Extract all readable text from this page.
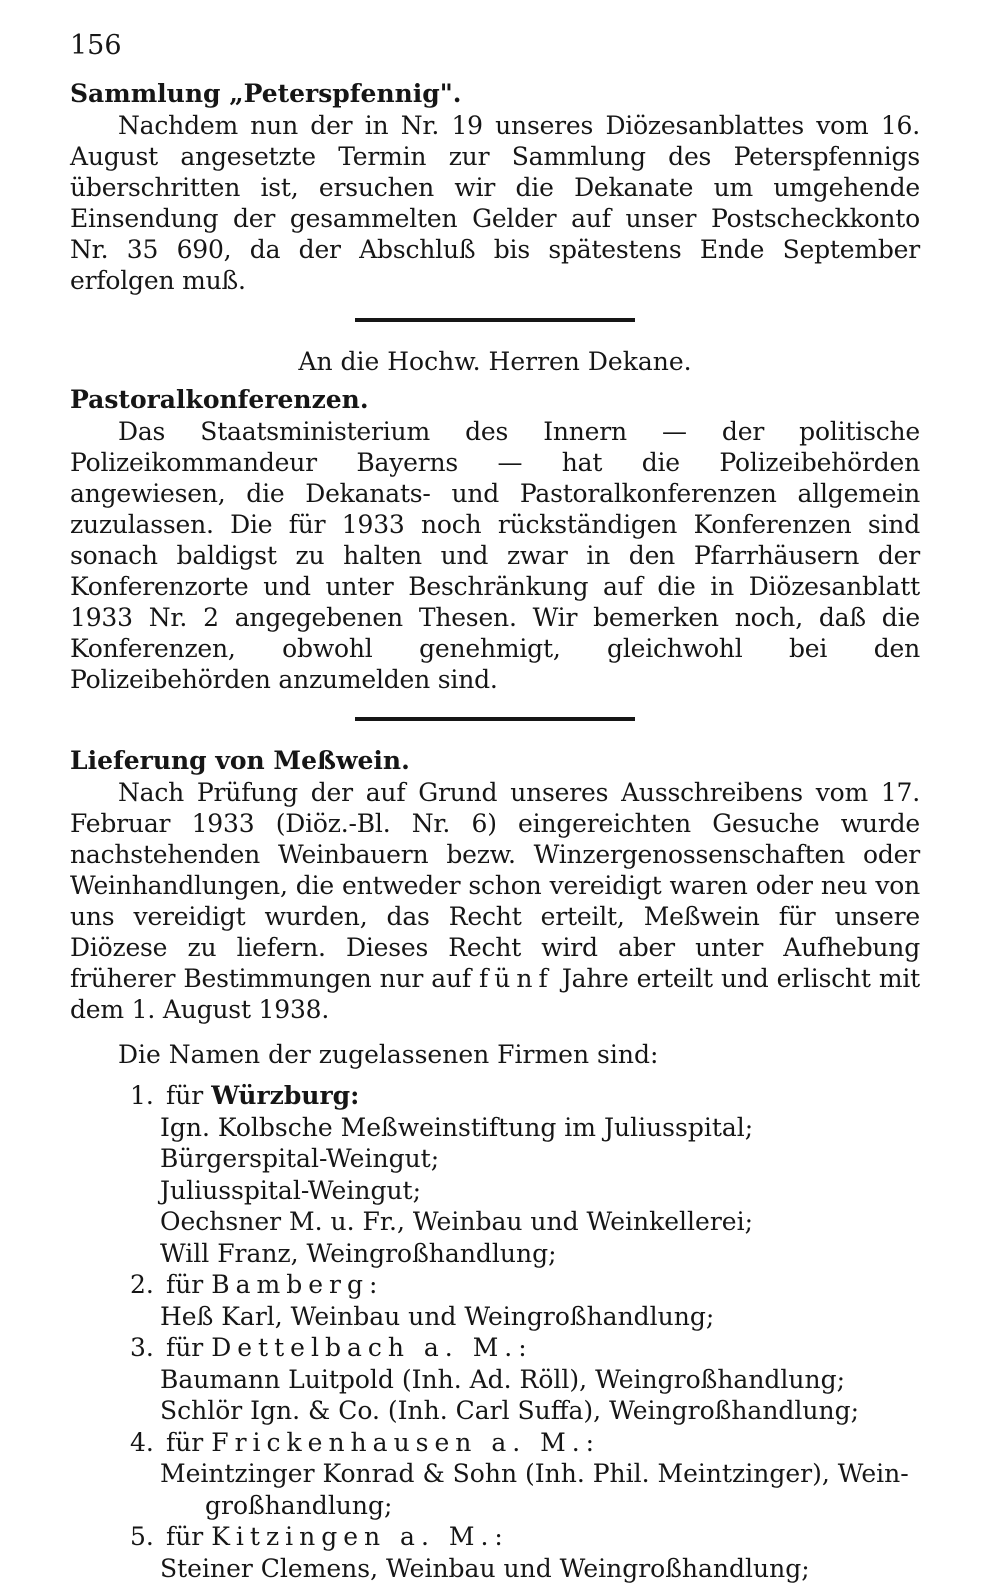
156
Sammlung „Peterspfennig".

Nachdem nun der in Nr. 19 unseres Diözesanblattes vom 16. August angesetzte Termin zur Sammlung des Peterspfennigs überschritten ist, ersuchen wir die Dekanate um umgehende Einsendung der gesammelten Gelder auf unser Postscheckkonto Nr. 35 690, da der Abschluß bis spätestens Ende September erfolgen muß.

An die Hochw. Herren Dekane.
Pastoralkonferenzen.

Das Staatsministerium des Innern — der politische Polizeikommandeur Bayerns — hat die Polizeibehörden angewiesen, die Dekanats- und Pastoralkonferenzen allgemein zuzulassen. Die für 1933 noch rückständigen Konferenzen sind sonach baldigst zu halten und zwar in den Pfarrhäusern der Konferenzorte und unter Beschränkung auf die in Diözesanblatt 1933 Nr. 2 angegebenen Thesen. Wir bemerken noch, daß die Konferenzen, obwohl genehmigt, gleichwohl bei den Polizeibehörden anzumelden sind.

Lieferung von Meßwein.

Nach Prüfung der auf Grund unseres Ausschreibens vom 17. Februar 1933 (Diöz.-Bl. Nr. 6) eingereichten Gesuche wurde nachstehenden Weinbauern bezw. Winzergenossenschaften oder Weinhandlungen, die entweder schon vereidigt waren oder neu von uns vereidigt wurden, das Recht erteilt, Meßwein für unsere Diözese zu liefern. Dieses Recht wird aber unter Aufhebung früherer Bestimmungen nur auf fünf Jahre erteilt und erlischt mit dem 1. August 1938.

Die Namen der zugelassenen Firmen sind:
1. für Würzburg:
Ign. Kolbsche Meßweinstiftung im Juliusspital;
Bürgerspital-Weingut;
Juliusspital-Weingut;
Oechsner M. u. Fr., Weinbau und Weinkellerei;
Will Franz, Weingroßhandlung;
2. für Bamberg:
Heß Karl, Weinbau und Weingroßhandlung;
3. für Dettelbach a. M.:
Baumann Luitpold (Inh. Ad. Röll), Weingroßhandlung;
Schlör Ign. & Co. (Inh. Carl Suffa), Weingroßhandlung;
4. für Frickenhausen a. M.:
Meintzinger Konrad & Sohn (Inh. Phil. Meintzinger), Wein-
großhandlung;
5. für Kitzingen a. M.:
Steiner Clemens, Weinbau und Weingroßhandlung;
